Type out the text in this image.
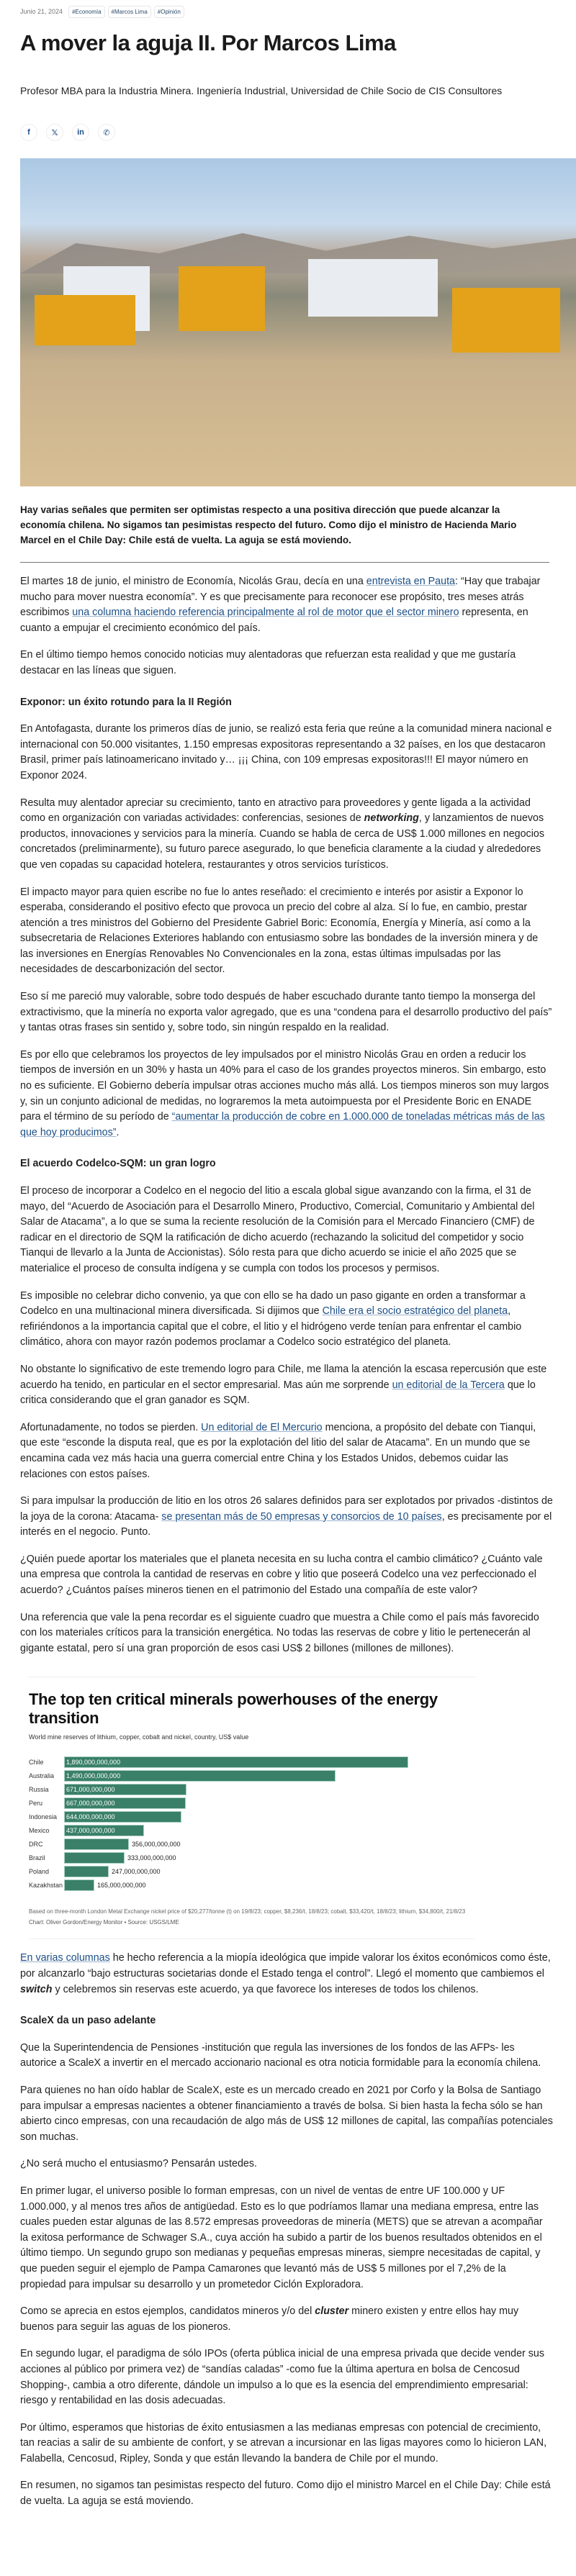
Junio 21, 2024	#Economía	#Marcos Lima	#Opinión
A mover la aguja II. Por Marcos Lima
Profesor MBA para la Industria Minera. Ingeniería Industrial, Universidad de Chile Socio de CIS Consultores
f	𝕏	in	✆
Hay varias señales que permiten ser optimistas respecto a una positiva dirección que puede alcanzar la economía chilena. No sigamos tan pesimistas respecto del futuro. Como dijo el ministro de Hacienda Mario Marcel en el Chile Day: Chile está de vuelta. La aguja se está moviendo.

El martes 18 de junio, el ministro de Economía, Nicolás Grau, decía en una entrevista en Pauta: “Hay que trabajar mucho para mover nuestra economía”. Y es que precisamente para reconocer ese propósito, tres meses atrás escribimos una columna haciendo referencia principalmente al rol de motor que el sector minero representa, en cuanto a empujar el crecimiento económico del país.

En el último tiempo hemos conocido noticias muy alentadoras que refuerzan esta realidad y que me gustaría destacar en las líneas que siguen.

Exponor: un éxito rotundo para la II Región

En Antofagasta, durante los primeros días de junio, se realizó esta feria que reúne a la comunidad minera nacional e internacional con 50.000 visitantes, 1.150 empresas expositoras representando a 32 países, en los que destacaron Brasil, primer país latinoamericano invitado y… ¡¡¡ China, con 109 empresas expositoras!!! El mayor número en Exponor 2024.

Resulta muy alentador apreciar su crecimiento, tanto en atractivo para proveedores y gente ligada a la actividad como en organización con variadas actividades: conferencias, sesiones de networking, y lanzamientos de nuevos productos, innovaciones y servicios para la minería. Cuando se habla de cerca de US$ 1.000 millones en negocios concretados (preliminarmente), su futuro parece asegurado, lo que beneficia claramente a la ciudad y alrededores que ven copadas su capacidad hotelera, restaurantes y otros servicios turísticos.

El impacto mayor para quien escribe no fue lo antes reseñado: el crecimiento e interés por asistir a Exponor lo esperaba, considerando el positivo efecto que provoca un precio del cobre al alza. Sí lo fue, en cambio, prestar atención a tres ministros del Gobierno del Presidente Gabriel Boric: Economía, Energía y Minería, así como a la subsecretaria de Relaciones Exteriores hablando con entusiasmo sobre las bondades de la inversión minera y de las inversiones en Energías Renovables No Convencionales en la zona, estas últimas impulsadas por las necesidades de descarbonización del sector.

Eso sí me pareció muy valorable, sobre todo después de haber escuchado durante tanto tiempo la monserga del extractivismo, que la minería no exporta valor agregado, que es una “condena para el desarrollo productivo del país” y tantas otras frases sin sentido y, sobre todo, sin ningún respaldo en la realidad.

Es por ello que celebramos los proyectos de ley impulsados por el ministro Nicolás Grau en orden a reducir los tiempos de inversión en un 30% y hasta un 40% para el caso de los grandes proyectos mineros. Sin embargo, esto no es suficiente. El Gobierno debería impulsar otras acciones mucho más allá. Los tiempos mineros son muy largos y, sin un conjunto adicional de medidas, no lograremos la meta autoimpuesta por el Presidente Boric en ENADE para el término de su período de “aumentar la producción de cobre en 1.000.000 de toneladas métricas más de las que hoy producimos”.

El acuerdo Codelco-SQM: un gran logro

El proceso de incorporar a Codelco en el negocio del litio a escala global sigue avanzando con la firma, el 31 de mayo, del “Acuerdo de Asociación para el Desarrollo Minero, Productivo, Comercial, Comunitario y Ambiental del Salar de Atacama”, a lo que se suma la reciente resolución de la Comisión para el Mercado Financiero (CMF) de radicar en el directorio de SQM la ratificación de dicho acuerdo (rechazando la solicitud del competidor y socio Tianqui de llevarlo a la Junta de Accionistas). Sólo resta para que dicho acuerdo se inicie el año 2025 que se materialice el proceso de consulta indígena y se cumpla con todos los procesos y permisos.

Es imposible no celebrar dicho convenio, ya que con ello se ha dado un paso gigante en orden a transformar a Codelco en una multinacional minera diversificada. Si dijimos que Chile era el socio estratégico del planeta, refiriéndonos a la importancia capital que el cobre, el litio y el hidrógeno verde tenían para enfrentar el cambio climático, ahora con mayor razón podemos proclamar a Codelco socio estratégico del planeta.

No obstante lo significativo de este tremendo logro para Chile, me llama la atención la escasa repercusión que este acuerdo ha tenido, en particular en el sector empresarial. Mas aún me sorprende un editorial de la Tercera que lo critica considerando que el gran ganador es SQM.

Afortunadamente, no todos se pierden. Un editorial de El Mercurio menciona, a propósito del debate con Tianqui, que este “esconde la disputa real, que es por la explotación del litio del salar de Atacama”. En un mundo que se encamina cada vez más hacia una guerra comercial entre China y los Estados Unidos, debemos cuidar las relaciones con estos países.

Si para impulsar la producción de litio en los otros 26 salares definidos para ser explotados por privados -distintos de la joya de la corona: Atacama- se presentan más de 50 empresas y consorcios de 10 países, es precisamente por el interés en el negocio. Punto.

¿Quién puede aportar los materiales que el planeta necesita en su lucha contra el cambio climático? ¿Cuánto vale una empresa que controla la cantidad de reservas en cobre y litio que poseerá Codelco una vez perfeccionado el acuerdo? ¿Cuántos países mineros tienen en el patrimonio del Estado una compañía de este valor?

Una referencia que vale la pena recordar es el siguiente cuadro que muestra a Chile como el país más favorecido con los materiales críticos para la transición energética. No todas las reservas de cobre y litio le pertenecerán al gigante estatal, pero sí una gran proporción de esos casi US$ 2 billones (millones de millones).

The top ten critical minerals powerhouses of the energy transition
World mine reserves of lithium, copper, cobalt and nickel, country, US$ value
Chile	1,890,000,000,000
Australia	1,490,000,000,000
Russia	671,000,000,000
Peru	667,000,000,000
Indonesia	644,000,000,000
Mexico	437,000,000,000
DRC	356,000,000,000
Brazil	333,000,000,000
Poland	247,000,000,000
Kazakhstan	165,000,000,000
Based on three-month London Metal Exchange nickel price of $20,277/tonne (t) on 19/8/23; copper, $8,236/t, 18/8/23; cobalt, $33,420/t, 18/8/23; lithium, $34,800/t, 21/8/23
Chart: Oliver Gordon/Energy Monitor • Source: USGS/LME

En varias columnas he hecho referencia a la miopía ideológica que impide valorar los éxitos económicos como éste, por alcanzarlo “bajo estructuras societarias donde el Estado tenga el control”. Llegó el momento que cambiemos el switch y celebremos sin reservas este acuerdo, ya que favorece los intereses de todos los chilenos.

ScaleX da un paso adelante

Que la Superintendencia de Pensiones -institución que regula las inversiones de los fondos de las AFPs- les autorice a ScaleX a invertir en el mercado accionario nacional es otra noticia formidable para la economía chilena.

Para quienes no han oído hablar de ScaleX, este es un mercado creado en 2021 por Corfo y la Bolsa de Santiago para impulsar a empresas nacientes a obtener financiamiento a través de bolsa. Si bien hasta la fecha sólo se han abierto cinco empresas, con una recaudación de algo más de US$ 12 millones de capital, las compañías potenciales son muchas.

¿No será mucho el entusiasmo? Pensarán ustedes.

En primer lugar, el universo posible lo forman empresas, con un nivel de ventas de entre UF 100.000 y UF 1.000.000, y al menos tres años de antigüedad. Esto es lo que podríamos llamar una mediana empresa, entre las cuales pueden estar algunas de las 8.572 empresas proveedoras de minería (METS) que se atrevan a acompañar la exitosa performance de Schwager S.A., cuya acción ha subido a partir de los buenos resultados obtenidos en el último tiempo. Un segundo grupo son medianas y pequeñas empresas mineras, siempre necesitadas de capital, y que pueden seguir el ejemplo de Pampa Camarones que levantó más de US$ 5 millones por el 7,2% de la propiedad para impulsar su desarrollo y un prometedor Ciclón Exploradora.

Como se aprecia en estos ejemplos, candidatos mineros y/o del cluster minero existen y entre ellos hay muy buenos para seguir las aguas de los pioneros.

En segundo lugar, el paradigma de sólo IPOs (oferta pública inicial de una empresa privada que decide vender sus acciones al público por primera vez) de “sandías caladas” -como fue la última apertura en bolsa de Cencosud Shopping-, cambia a otro diferente, dándole un impulso a lo que es la esencia del emprendimiento empresarial: riesgo y rentabilidad en las dosis adecuadas.

Por último, esperamos que historias de éxito entusiasmen a las medianas empresas con potencial de crecimiento, tan reacias a salir de su ambiente de confort, y se atrevan a incursionar en las ligas mayores como lo hicieron LAN, Falabella, Cencosud, Ripley, Sonda y que están llevando la bandera de Chile por el mundo.

En resumen, no sigamos tan pesimistas respecto del futuro. Como dijo el ministro Marcel en el Chile Day: Chile está de vuelta. La aguja se está moviendo.
